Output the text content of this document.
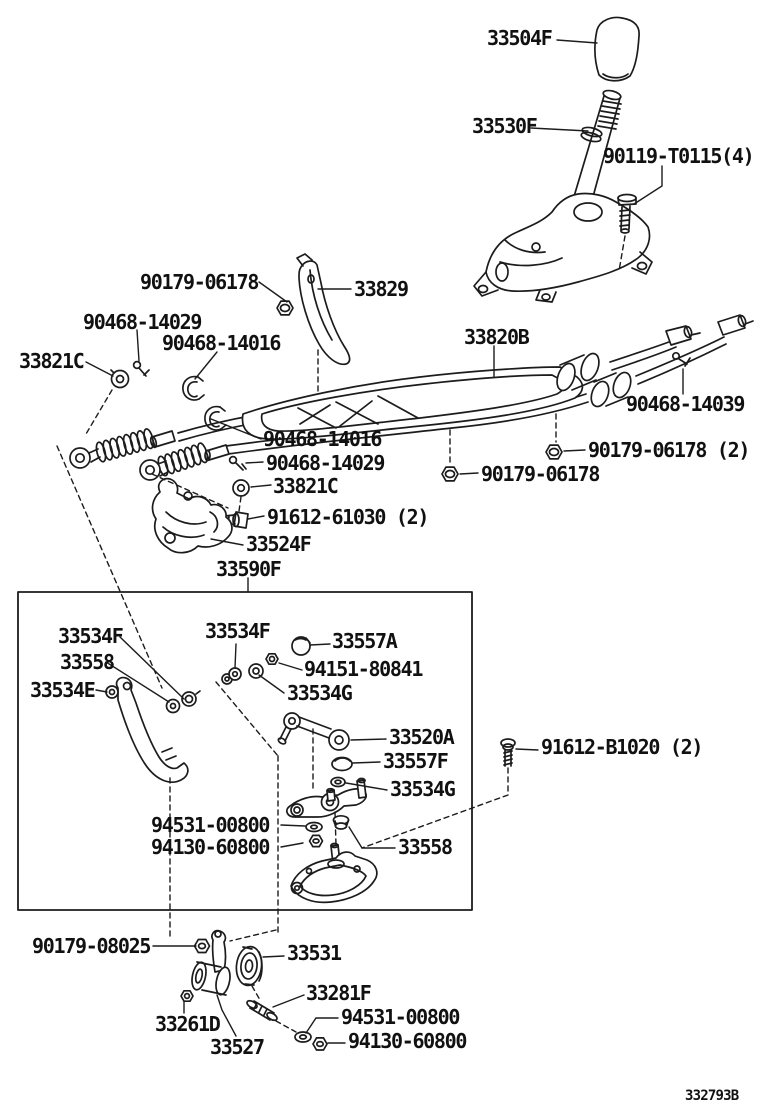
33504F
33530F
90119-T0115(4)
90179-06178	33829
90468-14029
33821C
90468-14016	33820B
90468-14039
90179-06178 (2)
90179-06178
90468-14016
90468-14029
33821C
91612-61030 (2)
33524F
33590F
33534F
33558
33534E
33534F	33557A
94151-80841
33534G
33520A
33557F
33534G
94531-00800
94130-60800	33558
91612-B1020 (2)
90179-08025	33531
33281F
94531-00800
94130-60800
33261D
33527
332793B
